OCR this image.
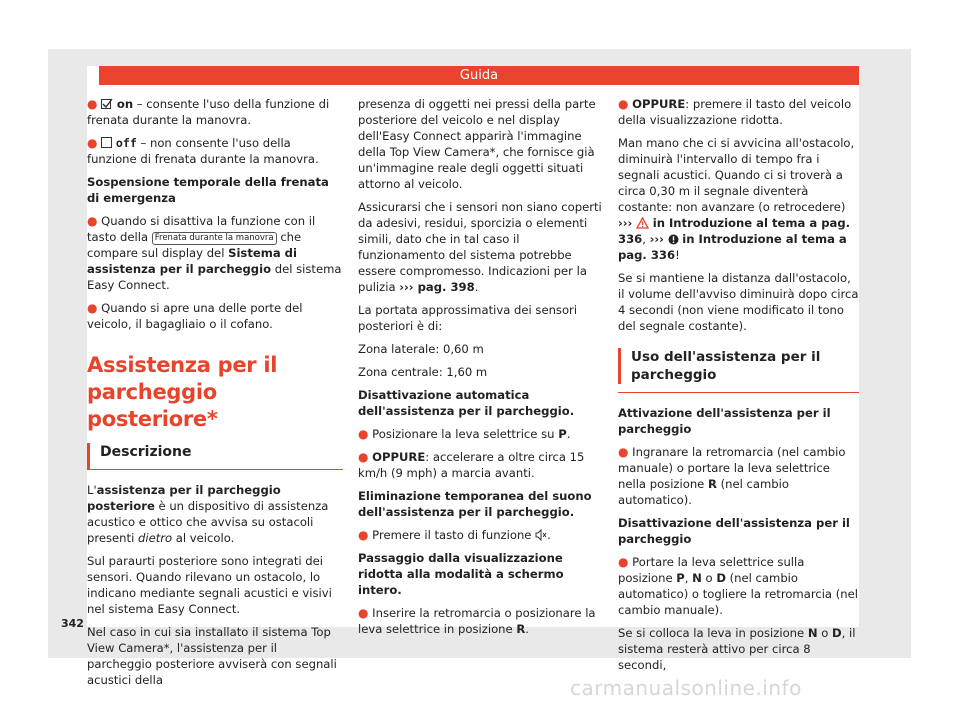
Guida

● on – consente l'uso della funzione di frenata durante la manovra.

● off – non consente l'uso della funzione di frenata durante la manovra.

Sospensione temporale della frenata di emergenza

● Quando si disattiva la funzione con il tasto della Frenata durante la manovra che compare sul display del Sistema di assistenza per il parcheggio del sistema Easy Connect.

● Quando si apre una delle porte del veicolo, il bagagliaio o il cofano.

Assistenza per il parcheggio posteriore*
Descrizione

L'assistenza per il parcheggio posteriore è un dispositivo di assistenza acustico e ottico che avvisa su ostacoli presenti dietro al veicolo.

Sul paraurti posteriore sono integrati dei sensori. Quando rilevano un ostacolo, lo indicano mediante segnali acustici e visivi nel sistema Easy Connect.

Nel caso in cui sia installato il sistema Top View Camera*, l'assistenza per il parcheggio posteriore avviserà con segnali acustici della

presenza di oggetti nei pressi della parte posteriore del veicolo e nel display dell'Easy Connect apparirà l'immagine della Top View Camera*, che fornisce già un'immagine reale degli oggetti situati attorno al veicolo.

Assicurarsi che i sensori non siano coperti da adesivi, residui, sporcizia o elementi simili, dato che in tal caso il funzionamento del sistema potrebbe essere compromesso. Indicazioni per la pulizia ››› pag. 398.

La portata approssimativa dei sensori posteriori è di:

Zona laterale: 0,60 m

Zona centrale: 1,60 m

Disattivazione automatica dell'assistenza per il parcheggio.

● Posizionare la leva selettrice su P.

● OPPURE: accelerare a oltre circa 15 km/h (9 mph) a marcia avanti.

Eliminazione temporanea del suono dell'assistenza per il parcheggio.

● Premere il tasto di funzione .

Passaggio dalla visualizzazione ridotta alla modalità a schermo intero.

● Inserire la retromarcia o posizionare la leva selettrice in posizione R.

● OPPURE: premere il tasto del veicolo della visualizzazione ridotta.

Man mano che ci si avvicina all'ostacolo, diminuirà l'intervallo di tempo fra i segnali acustici. Quando ci si troverà a circa 0,30 m il segnale diventerà costante: non avanzare (o retrocedere) ››› in Introduzione al tema a pag. 336, ››› in Introduzione al tema a pag. 336!

Se si mantiene la distanza dall'ostacolo, il volume dell'avviso diminuirà dopo circa 4 secondi (non viene modificato il tono del segnale costante).

Uso dell'assistenza per il parcheggio

Attivazione dell'assistenza per il parcheggio

● Ingranare la retromarcia (nel cambio manuale) o portare la leva selettrice nella posizione R (nel cambio automatico).

Disattivazione dell'assistenza per il parcheggio

● Portare la leva selettrice sulla posizione P, N o D (nel cambio automatico) o togliere la retromarcia (nel cambio manuale).

Se si colloca la leva in posizione N o D, il sistema resterà attivo per circa 8 secondi,

342
carmanualsonline.info
